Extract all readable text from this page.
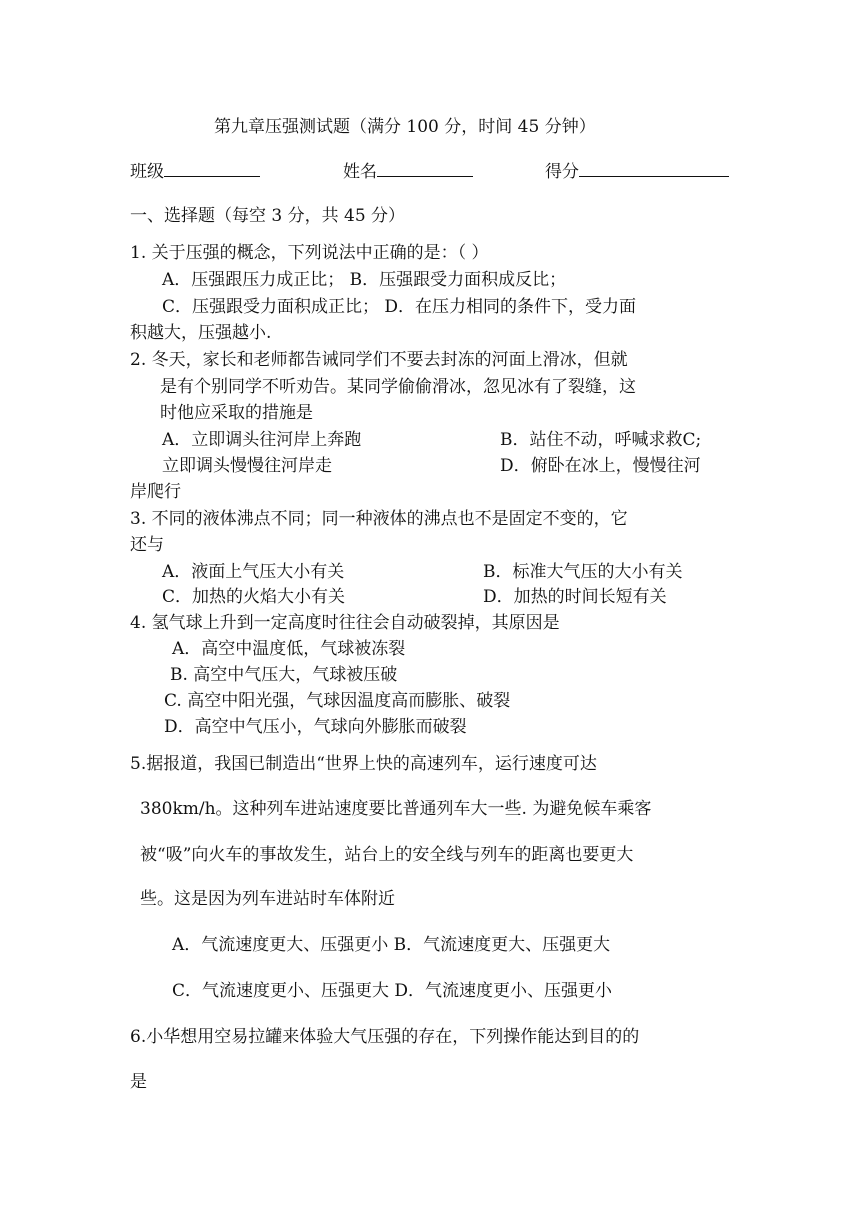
第九章压强测试题（满分 100 分，时间 45 分钟）
班级	姓名	得分
一、选择题（每空 3 分，共 45 分）
1. 关于压强的概念，下列说法中正确的是：（ ）
A．压强跟压力成正比； B．压强跟受力面积成反比；
C．压强跟受力面积成正比； D．在压力相同的条件下，受力面
积越大，压强越小.
2. 冬天，家长和老师都告诫同学们不要去封冻的河面上滑冰，但就
是有个别同学不听劝告。某同学偷偷滑冰，忽见冰有了裂缝，这
时他应采取的措施是
A．立即调头往河岸上奔跑	B．站住不动，呼喊求救C;
立即调头慢慢往河岸走	D．俯卧在冰上，慢慢往河
岸爬行
3. 不同的液体沸点不同；同一种液体的沸点也不是固定不变的，它
还与
A．液面上气压大小有关	B．标准大气压的大小有关
C．加热的火焰大小有关	D．加热的时间长短有关
4. 氢气球上升到一定高度时往往会自动破裂掉，其原因是
A．高空中温度低，气球被冻裂
B. 高空中气压大，气球被压破
C. 高空中阳光强，气球因温度高而膨胀、破裂
D．高空中气压小，气球向外膨胀而破裂
5.据报道，我国已制造出“世界上快的高速列车，运行速度可达
380km/h。这种列车进站速度要比普通列车大一些. 为避免候车乘客
被“吸”向火车的事故发生，站台上的安全线与列车的距离也要更大
些。这是因为列车进站时车体附近
A．气流速度更大、压强更小 B．气流速度更大、压强更大
C．气流速度更小、压强更大 D．气流速度更小、压强更小
6.小华想用空易拉罐来体验大气压强的存在，下列操作能达到目的的
是
